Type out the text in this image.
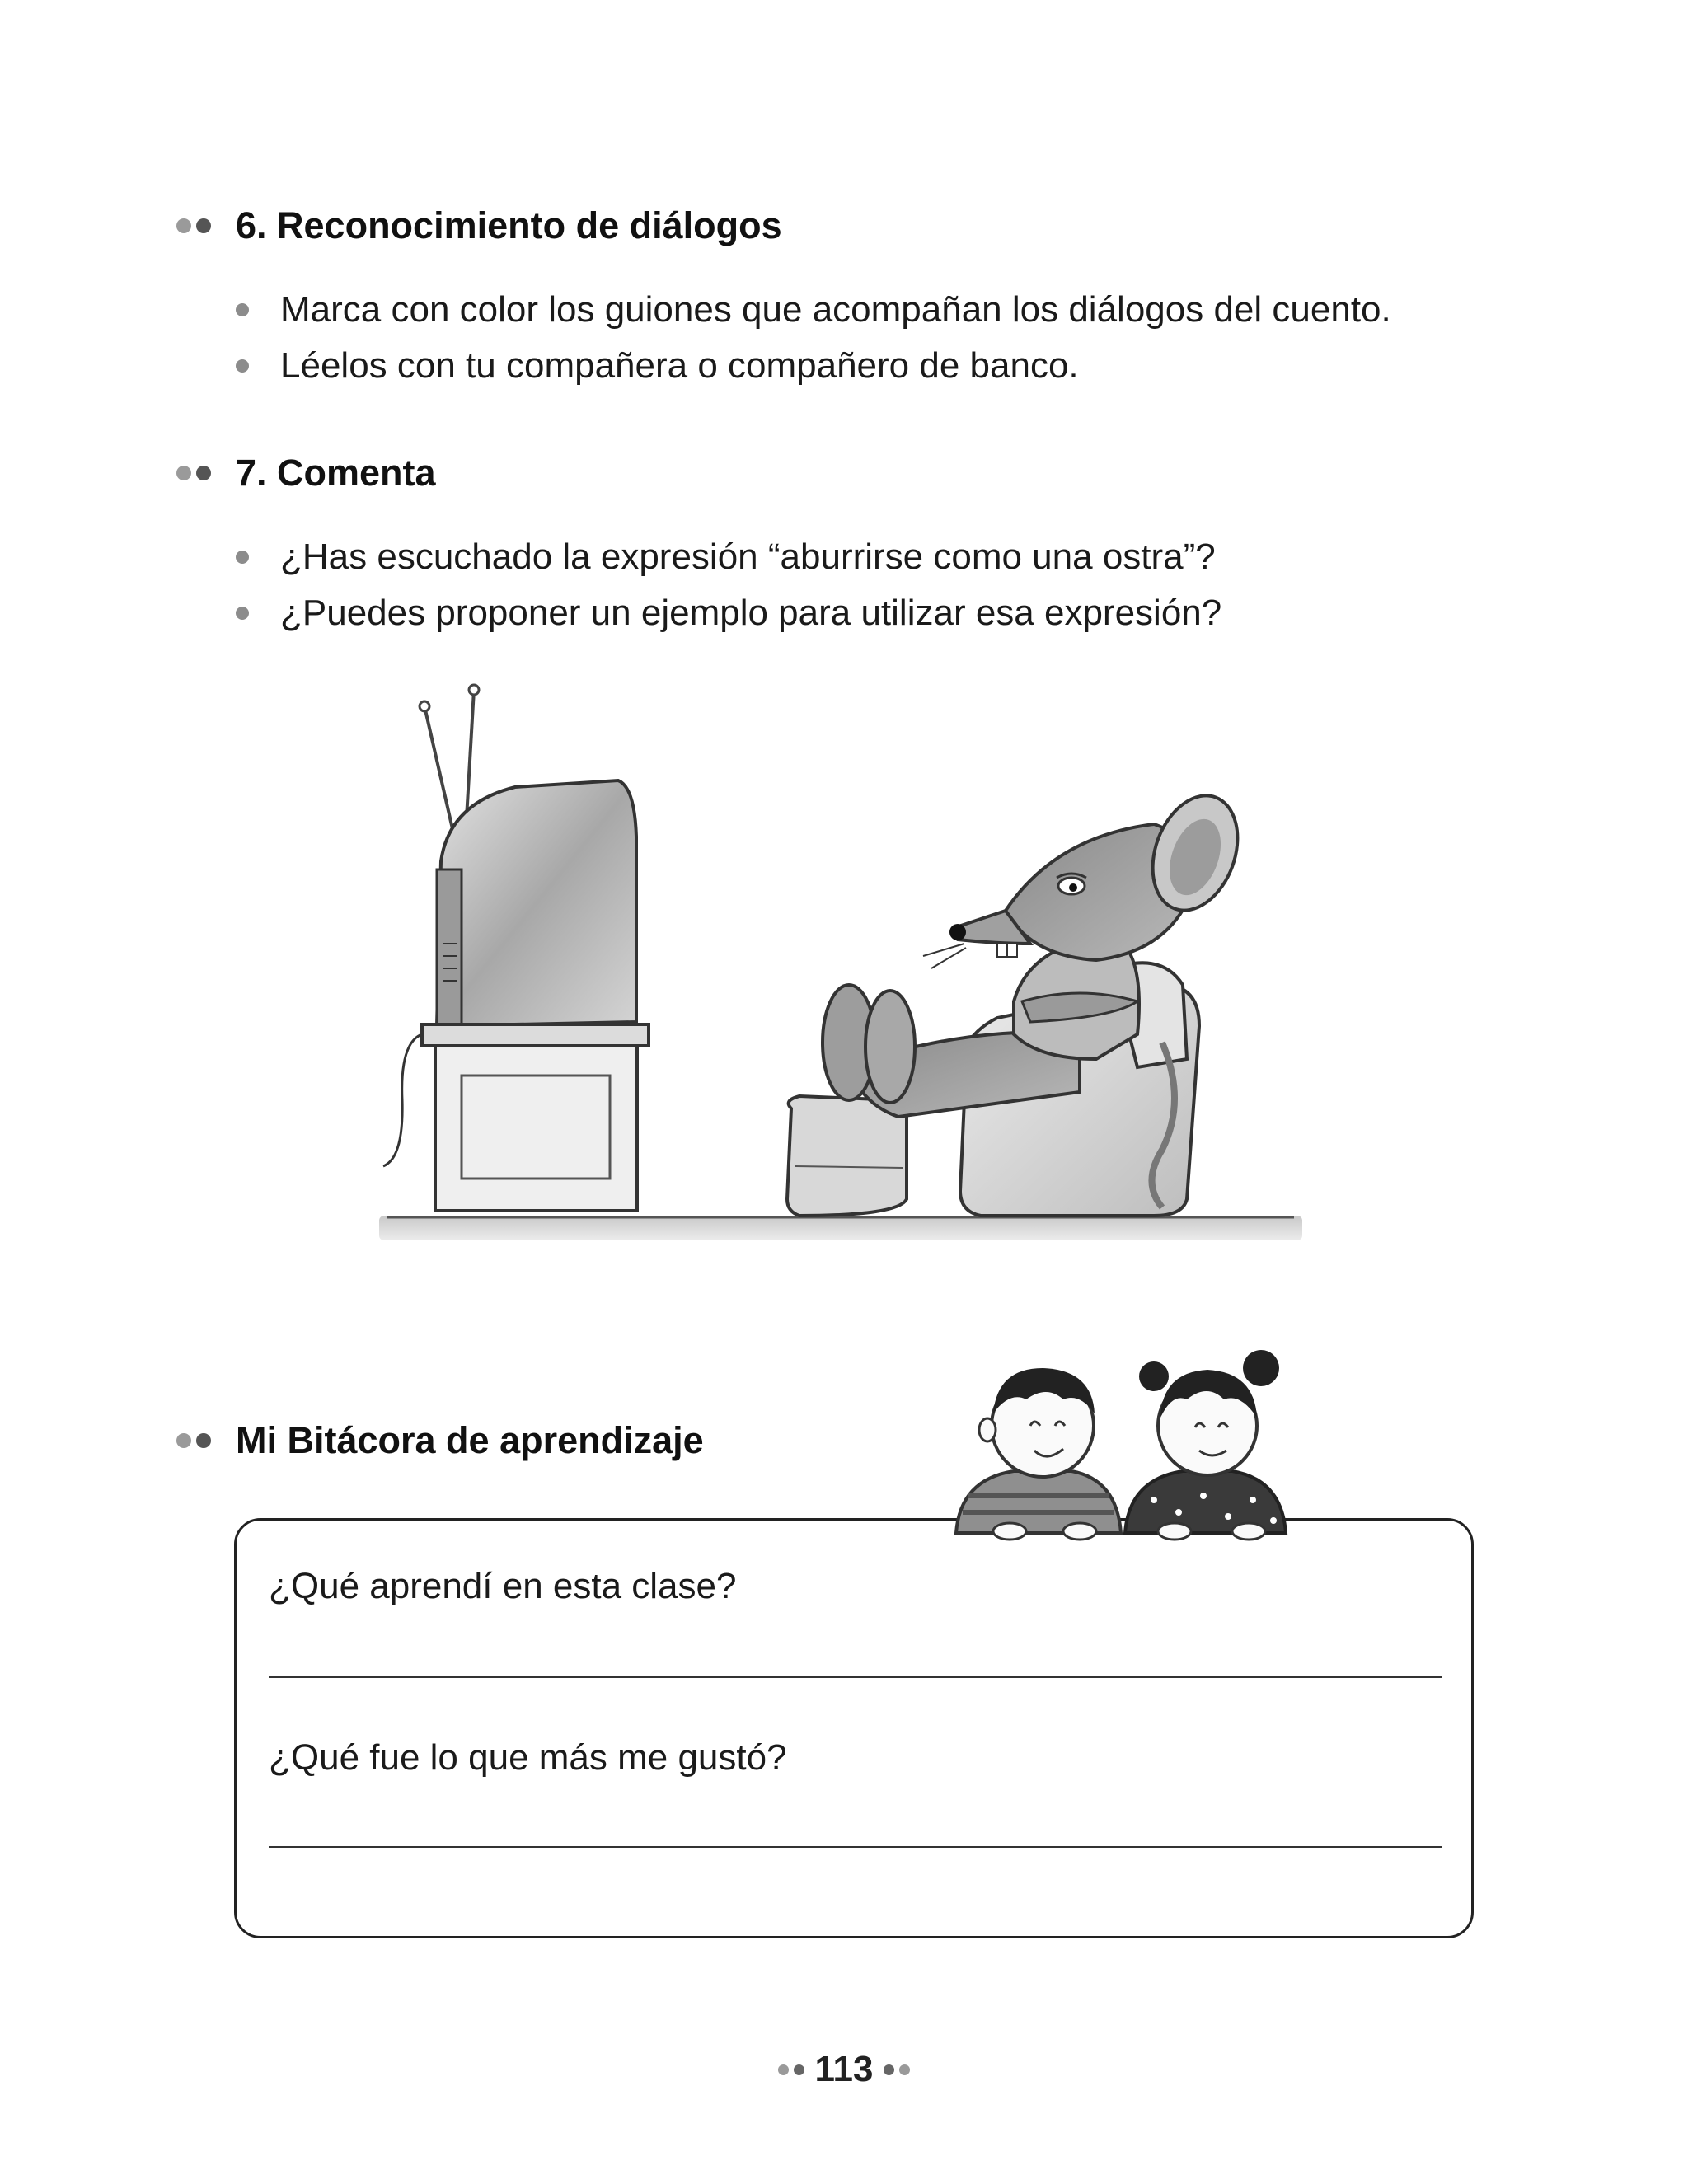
6. Reconocimiento de diálogos
Marca con color los guiones que acompañan los diálogos del cuento.
Léelos con tu compañera o compañero de banco.
7. Comenta
¿Has escuchado la expresión “aburrirse como una ostra”?
¿Puedes proponer un ejemplo para utilizar esa expresión?
Mi Bitácora de aprendizaje
¿Qué aprendí en esta clase?
¿Qué fue lo que más me gustó?
113
